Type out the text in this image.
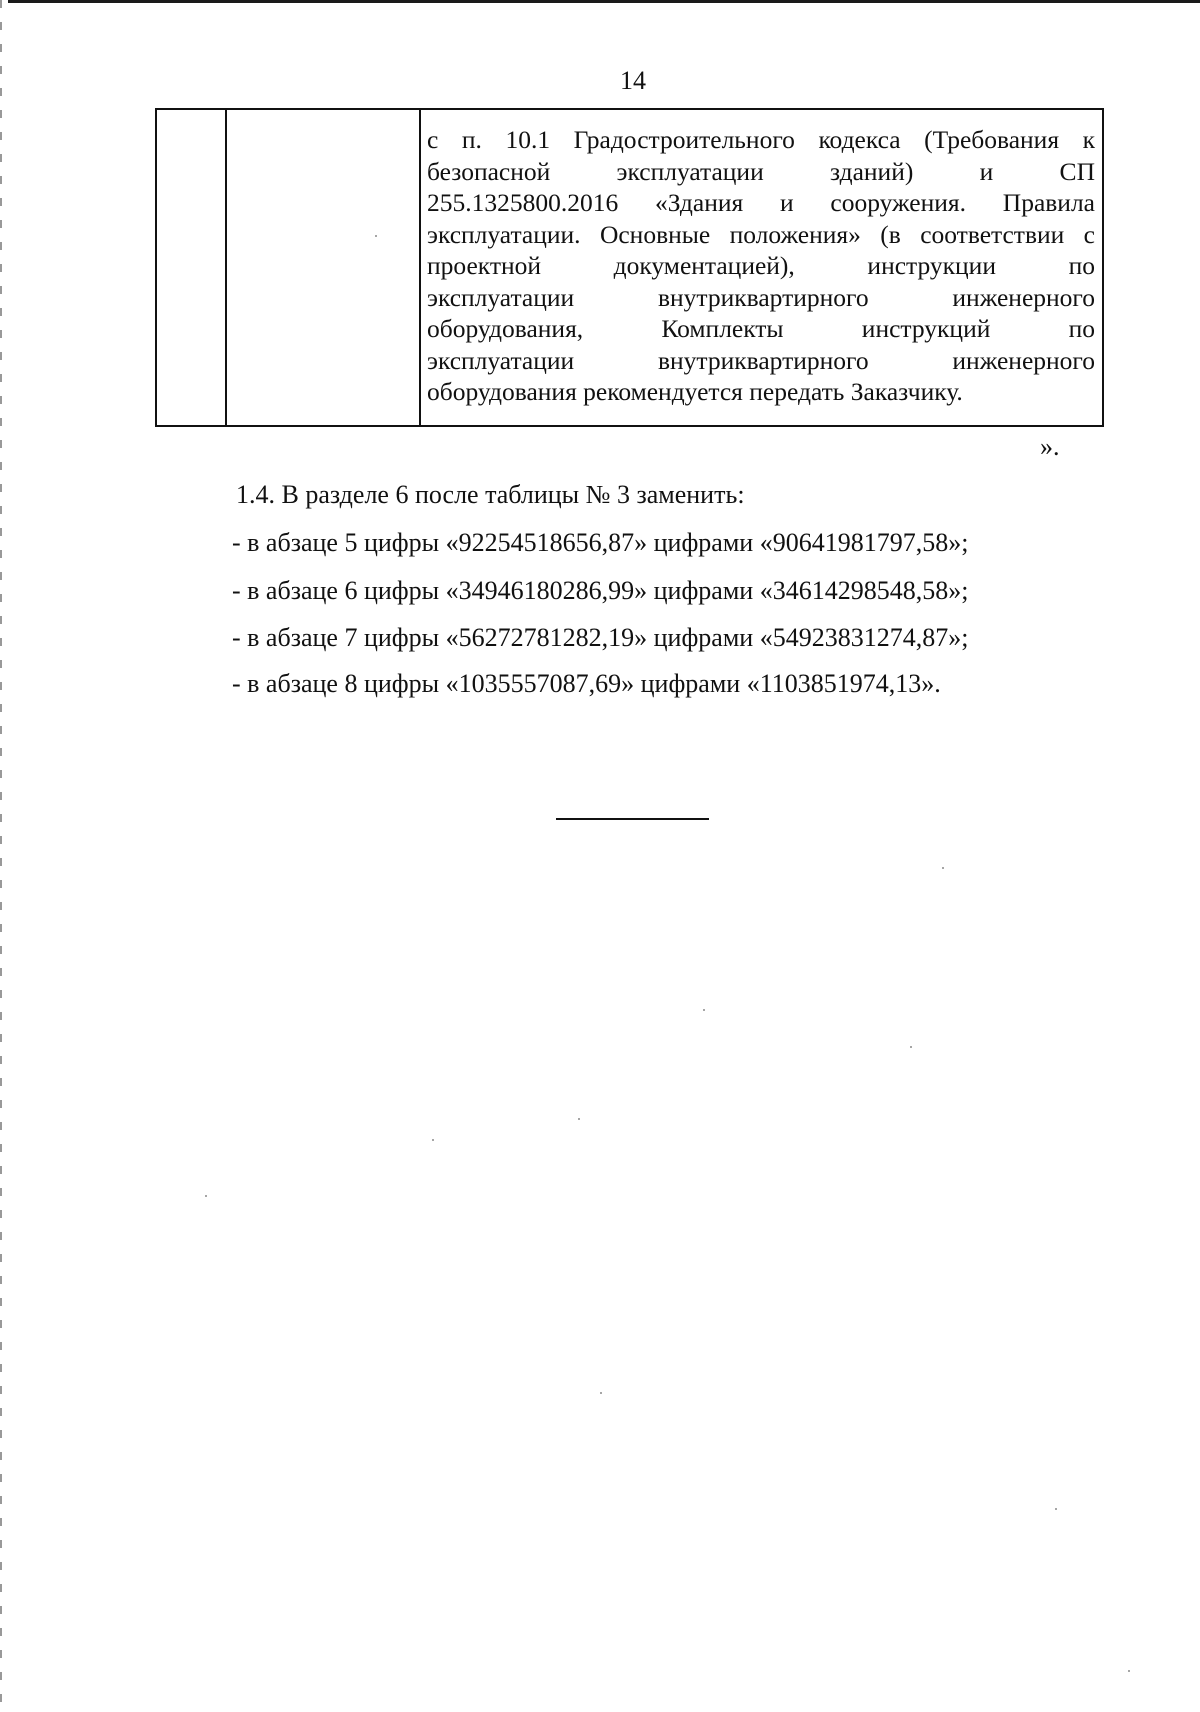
14
с п. 10.1 Градостроительного кодекса (Требования к
безопасной эксплуатации зданий) и СП
255.1325800.2016 «Здания и сооружения. Правила
эксплуатации. Основные положения» (в соответствии с
проектной документацией), инструкции по
эксплуатации внутриквартирного инженерного
оборудования, Комплекты инструкций по
эксплуатации внутриквартирного инженерного
оборудования рекомендуется передать Заказчику.
».
1.4. В разделе 6 после таблицы № 3 заменить:
- в абзаце 5 цифры «92254518656,87» цифрами «90641981797,58»;
- в абзаце 6 цифры «34946180286,99» цифрами «34614298548,58»;
- в абзаце 7 цифры «56272781282,19» цифрами «54923831274,87»;
- в абзаце 8 цифры «1035557087,69» цифрами «1103851974,13».
